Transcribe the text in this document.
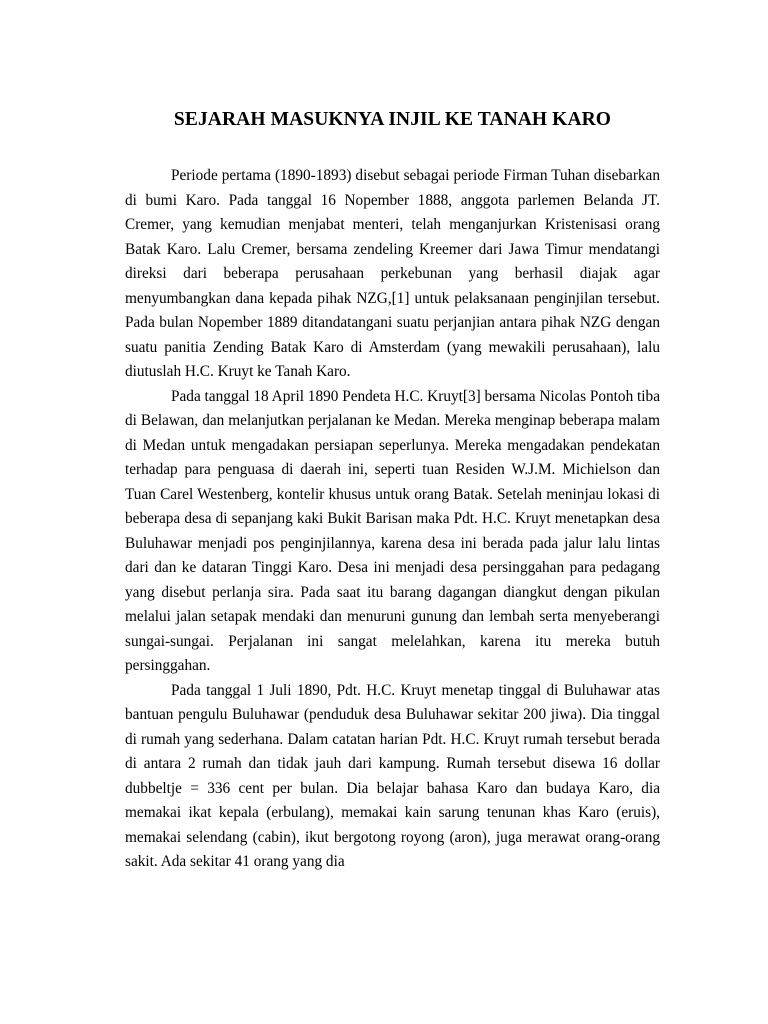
SEJARAH MASUKNYA INJIL KE TANAH KARO

Periode pertama (1890-1893) disebut sebagai periode Firman Tuhan disebarkan di bumi Karo. Pada tanggal 16 Nopember 1888, anggota parlemen Belanda JT. Cremer, yang kemudian menjabat menteri, telah menganjurkan Kristenisasi orang Batak Karo. Lalu Cremer, bersama zendeling Kreemer dari Jawa Timur mendatangi direksi dari beberapa perusahaan perkebunan yang berhasil diajak agar menyumbangkan dana kepada pihak NZG,[1] untuk pelaksanaan penginjilan tersebut. Pada bulan Nopember 1889 ditandatangani suatu perjanjian antara pihak NZG dengan suatu panitia Zending Batak Karo di Amsterdam (yang mewakili perusahaan), lalu diutuslah H.C. Kruyt ke Tanah Karo.

Pada tanggal 18 April 1890 Pendeta H.C. Kruyt[3] bersama Nicolas Pontoh tiba di Belawan, dan melanjutkan perjalanan ke Medan. Mereka menginap beberapa malam di Medan untuk mengadakan persiapan seperlunya. Mereka mengadakan pendekatan terhadap para penguasa di daerah ini, seperti tuan Residen W.J.M. Michielson dan Tuan Carel Westenberg, kontelir khusus untuk orang Batak. Setelah meninjau lokasi di beberapa desa di sepanjang kaki Bukit Barisan maka Pdt. H.C. Kruyt menetapkan desa Buluhawar menjadi pos penginjilannya, karena desa ini berada pada jalur lalu lintas dari dan ke dataran Tinggi Karo. Desa ini menjadi desa persinggahan para pedagang yang disebut perlanja sira. Pada saat itu barang dagangan diangkut dengan pikulan melalui jalan setapak mendaki dan menuruni gunung dan lembah serta menyeberangi sungai-sungai. Perjalanan ini sangat melelahkan, karena itu mereka butuh persinggahan.

Pada tanggal 1 Juli 1890, Pdt. H.C. Kruyt menetap tinggal di Buluhawar atas bantuan pengulu Buluhawar (penduduk desa Buluhawar sekitar 200 jiwa). Dia tinggal di rumah yang sederhana. Dalam catatan harian Pdt. H.C. Kruyt rumah tersebut berada di antara 2 rumah dan tidak jauh dari kampung. Rumah tersebut disewa 16 dollar dubbeltje = 336 cent per bulan. Dia belajar bahasa Karo dan budaya Karo, dia memakai ikat kepala (erbulang), memakai kain sarung tenunan khas Karo (eruis), memakai selendang (cabin), ikut bergotong royong (aron), juga merawat orang-orang sakit. Ada sekitar 41 orang yang dia
